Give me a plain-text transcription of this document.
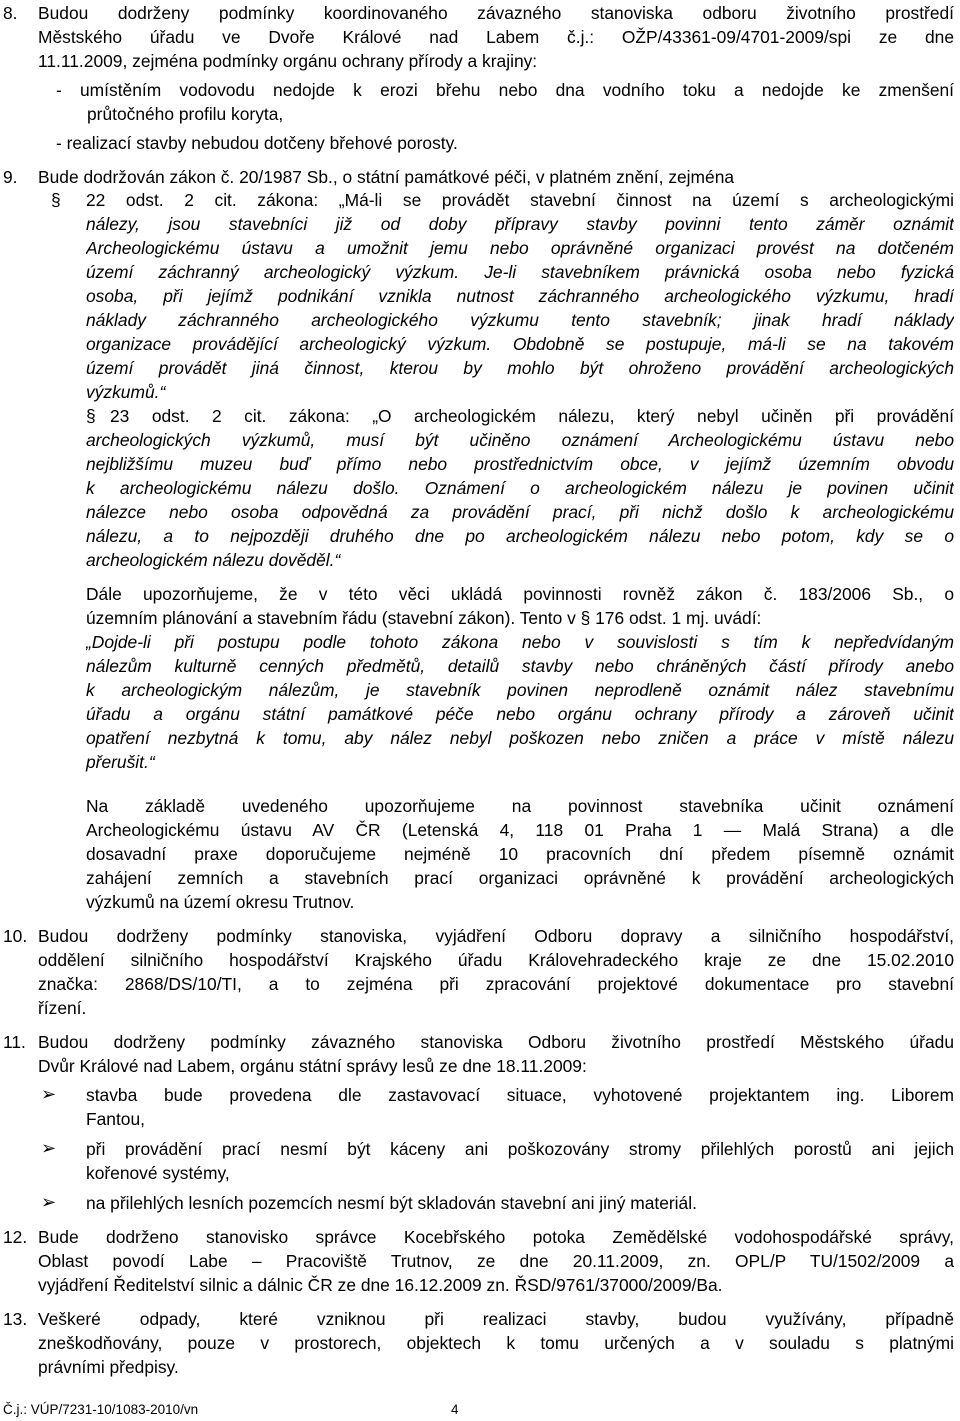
8. Budou dodrženy podmínky koordinovaného závazného stanoviska odboru životního prostředí
Městského úřadu ve Dvoře Králové nad Labem č.j.: OŽP/43361-09/4701-2009/spi ze dne
11.11.2009, zejména podmínky orgánu ochrany přírody a krajiny:
- umístěním vodovodu nedojde k erozi břehu nebo dna vodního toku a nedojde ke zmenšení
průtočného profilu koryta,
- realizací stavby nebudou dotčeny břehové porosty.
9. Bude dodržován zákon č. 20/1987 Sb., o státní památkové péči, v platném znění, zejména
§ 22 odst. 2 cit. zákona: „Má-li se provádět stavební činnost na území s archeologickými
nálezy, jsou stavebníci již od doby přípravy stavby povinni tento záměr oznámit
Archeologickému ústavu a umožnit jemu nebo oprávněné organizaci provést na dotčeném
území záchranný archeologický výzkum. Je-li stavebníkem právnická osoba nebo fyzická
osoba, při jejímž podnikání vznikla nutnost záchranného archeologického výzkumu, hradí
náklady záchranného archeologického výzkumu tento stavebník; jinak hradí náklady
organizace provádějící archeologický výzkum. Obdobně se postupuje, má-li se na takovém
území provádět jiná činnost, kterou by mohlo být ohroženo provádění archeologických
výzkumů.“
§ 23 odst. 2 cit. zákona: „O archeologickém nálezu, který nebyl učiněn při provádění
archeologických výzkumů, musí být učiněno oznámení Archeologickému ústavu nebo
nejbližšímu muzeu buď přímo nebo prostřednictvím obce, v jejímž územním obvodu
k archeologickému nálezu došlo. Oznámení o archeologickém nálezu je povinen učinit
nálezce nebo osoba odpovědná za provádění prací, při nichž došlo k archeologickému
nálezu, a to nejpozději druhého dne po archeologickém nálezu nebo potom, kdy se o
archeologickém nálezu dověděl.“
Dále upozorňujeme, že v této věci ukládá povinnosti rovněž zákon č. 183/2006 Sb., o
územním plánování a stavebním řádu (stavební zákon). Tento v § 176 odst. 1 mj. uvádí:
„Dojde-li při postupu podle tohoto zákona nebo v souvislosti s tím k nepředvídaným
nálezům kulturně cenných předmětů, detailů stavby nebo chráněných částí přírody anebo
k archeologickým nálezům, je stavebník povinen neprodleně oznámit nález stavebnímu
úřadu a orgánu státní památkové péče nebo orgánu ochrany přírody a zároveň učinit
opatření nezbytná k tomu, aby nález nebyl poškozen nebo zničen a práce v místě nálezu
přerušit.“
Na základě uvedeného upozorňujeme na povinnost stavebníka učinit oznámení
Archeologickému ústavu AV ČR (Letenská 4, 118 01 Praha 1 — Malá Strana) a dle
dosavadní praxe doporučujeme nejméně 10 pracovních dní předem písemně oznámit
zahájení zemních a stavebních prací organizaci oprávněné k provádění archeologických
výzkumů na území okresu Trutnov.
10. Budou dodrženy podmínky stanoviska, vyjádření Odboru dopravy a silničního hospodářství,
oddělení silničního hospodářství Krajského úřadu Královehradeckého kraje ze dne 15.02.2010
značka: 2868/DS/10/TI, a to zejména při zpracování projektové dokumentace pro stavební
řízení.
11. Budou dodrženy podmínky závazného stanoviska Odboru životního prostředí Městského úřadu
Dvůr Králové nad Labem, orgánu státní správy lesů ze dne 18.11.2009:
➢ stavba bude provedena dle zastavovací situace, vyhotovené projektantem ing. Liborem
Fantou,
➢ při provádění prací nesmí být káceny ani poškozovány stromy přilehlých porostů ani jejich
kořenové systémy,
➢ na přilehlých lesních pozemcích nesmí být skladován stavební ani jiný materiál.
12. Bude dodrženo stanovisko správce Kocebřského potoka Zemědělské vodohospodářské správy,
Oblast povodí Labe – Pracoviště Trutnov, ze dne 20.11.2009, zn. OPL/P TU/1502/2009 a
vyjádření Ředitelství silnic a dálnic ČR ze dne 16.12.2009 zn. ŘSD/9761/37000/2009/Ba.
13. Veškeré odpady, které vzniknou při realizaci stavby, budou využívány, případně
zneškodňovány, pouze v prostorech, objektech k tomu určených a v souladu s platnými
právními předpisy.
Č.j.: VÚP/7231-10/1083-2010/vn	4
